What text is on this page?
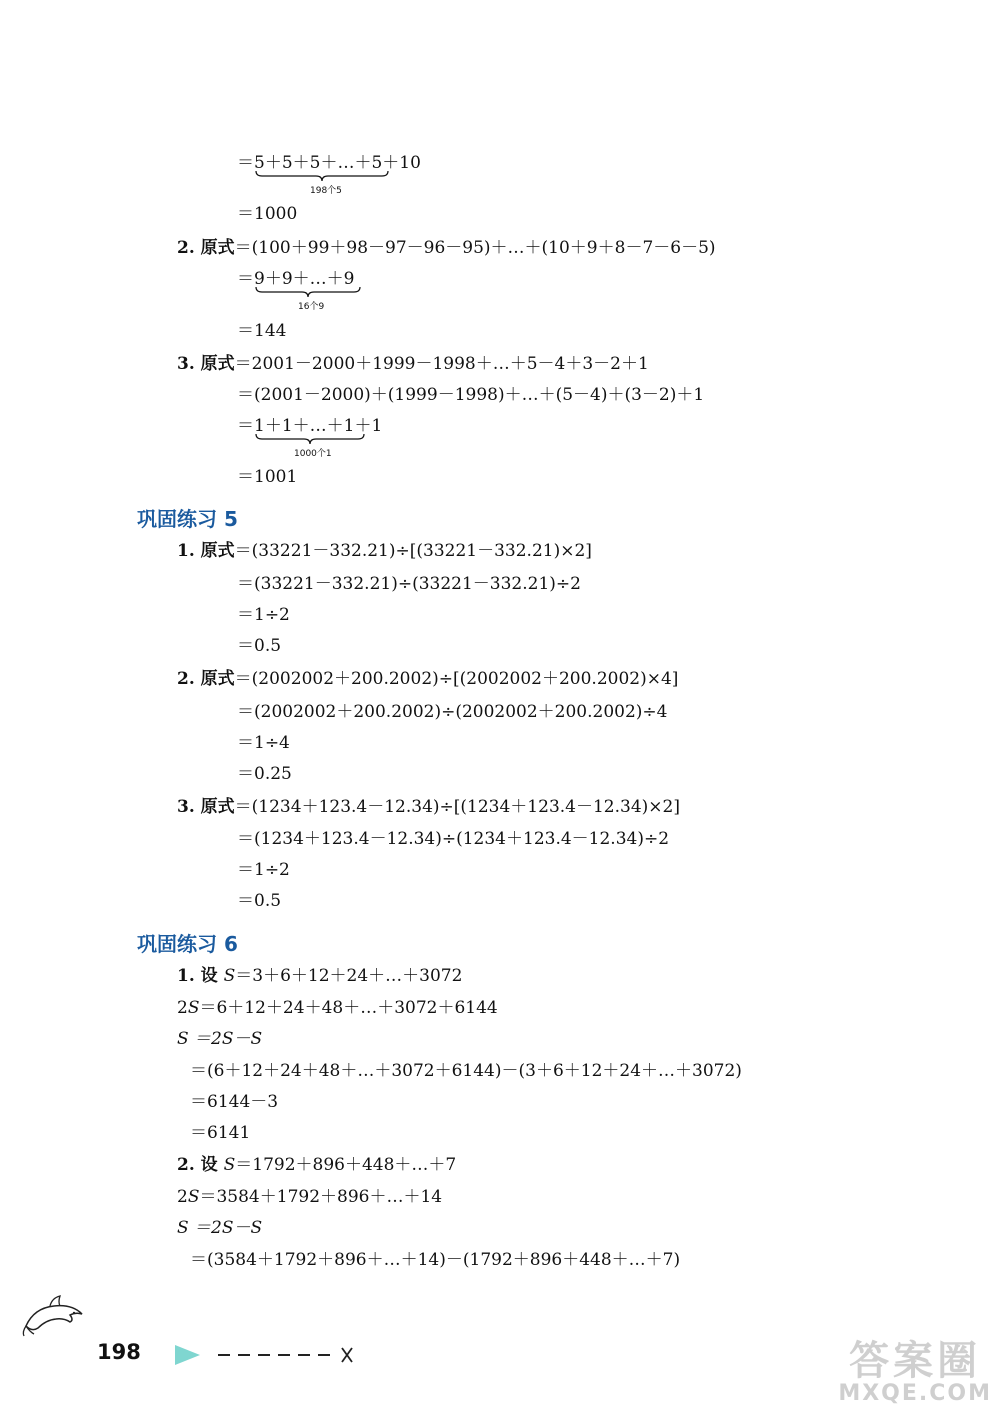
＝5＋5＋5＋…＋5
198个5
＋10
＝1000
2. 原式＝(100＋99＋98－97－96－95)＋…＋(10＋9＋8－7－6－5)
＝9＋9＋…＋9
16个9
＝144
3. 原式＝2001－2000＋1999－1998＋…＋5－4＋3－2＋1
＝(2001－2000)＋(1999－1998)＋…＋(5－4)＋(3－2)＋1
＝1＋1＋…＋1
1000个1
＋1
＝1001
巩固练习 5
1. 原式＝(33221－332.21)÷[(33221－332.21)×2]
＝(33221－332.21)÷(33221－332.21)÷2
＝1÷2
＝0.5
2. 原式＝(2002002＋200.2002)÷[(2002002＋200.2002)×4]
＝(2002002＋200.2002)÷(2002002＋200.2002)÷4
＝1÷4
＝0.25
3. 原式＝(1234＋123.4－12.34)÷[(1234＋123.4－12.34)×2]
＝(1234＋123.4－12.34)÷(1234＋123.4－12.34)÷2
＝1÷2
＝0.5
巩固练习 6
1. 设 S＝3＋6＋12＋24＋…＋3072
2S＝6＋12＋24＋48＋…＋3072＋6144
S ＝2S－S
＝(6＋12＋24＋48＋…＋3072＋6144)－(3＋6＋12＋24＋…＋3072)
＝6144－3
＝6141
2. 设 S＝1792＋896＋448＋…＋7
2S＝3584＋1792＋896＋…＋14
S ＝2S－S
＝(3584＋1792＋896＋…＋14)－(1792＋896＋448＋…＋7)
198	答案圈
MXQE.COM
